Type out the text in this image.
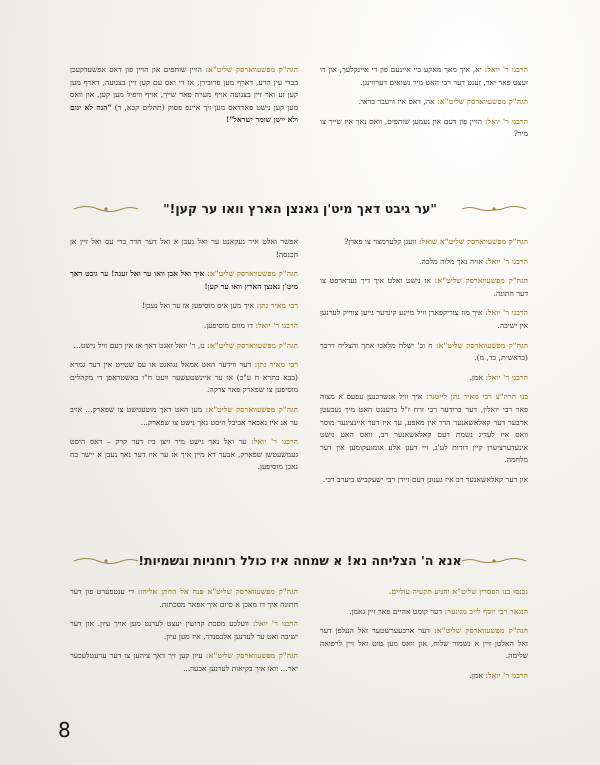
הרבנו ר' יואל: יא, איך מאך מאקע ביי איינעם פון די איינקלעך, און דו זעצט פאר יאר, זענט דער רבי האט מיר נשואים דערווינגן.

הגה"ק מפשעווארסק שליט"א: אה, דאס איז וויעבר בראי.

הרבנו ר' יואל: הויין פון דעם און נעמען שותפים, וואס נאך איז שייך צו מיר?

הגה"ק מפשעווארסק שליט"א: הויין שותפים און הויין פון דאס אפשעדקעכן בכדי עין הרע, דארף מען פרובירן, אז די ואס עם קען זיין בצנועה, דארף מען קען זע ואר זיין בצנועה אויף מערה פאר שייך, אויף וויפיל מען קען, און וואס מען קען נישט פארדאס מען זיך איינפ פסוק (תהלים קכא, ד) "הנה לא ינום ולא יישן שומר ישראל"!

"ער גיבט דאך מיט'ן גאנצן הארץ וואו ער קען!"

הגה"ק מפשעווארסק שליט"א שואל: וועגן קלערמצוי צו פארן?

הרבנו ר' יואל: אויה נאך מלוה מלכה.

הגה"ק מפשעווארסק שליט"א: אז נישט ואלט איך דיך געדארפט צו דער חתונה.

הרבנו ר' יואל: איך מוז צוריקפארן וויל מיינע קינדער גייען צוריק לערנען אין ישיבה.

הגה"ק מפשעווארסק שליט"א: ח וכ' ישלח מלאכו אתך והצליח דרכך (בראשית, כד, מ).

הרבנו ר' יואל: אמן.

בנו הרה"צ רבי מאיר נתן לייטנר: איך וויל אנשרכנען עפעס א מצוה פאר רבי יואלין, דער ברודער רבי זרח ז"ל ברענגט האט מיך נעבעטן ארבער דער קאלאשאנער הדר אין מאפע, ער איז דער איינציגער מוסר וואס איז לעדיג נשמת דעם קאלאשאנער רב, וואס האט נישט אינעדערציערן קיין דורות לע'ג, זיי דעגן אלע אומגעקומען אין דער מלחמה.

און דער קאלאשאנער רב איז גענוגן דעם זיידן רבי ישעקביש ביערב רבי.

אפשר ואלט איר געקאנט ער ואל נעבן א ואל דער חדר בדי עס ואל זיין אן הכנסה!

הגה"ק מפשעווארסק שליט"א: איך ואל אבן וואו ער ואל זענה! ער גיבט דאך מיט'ן גאנצן הארץ וואו ער קען!

רבי מאיר נתן: איך מען איס מוסיפען אז ער ואל נעבן!

הרבנו ר' יואל: דו מזום מוסיפען.

הגה"ק מפשעווארסק שליט"א: נו, ר' יואל זאגט דאך אז אין דעם וויל נישט...

רבי מאיר נתן: דער ווידער האט אמאל נגואגט או עס שטייט אין דער גמרא (בבא בתרא ח ע"ב) אז ער איינשטעשער וועט ח"ו באשטראפן די מקהלים מוסיפען צו שפארק פאר צדקה.

הגה"ק מפשעווארסק שליט"א: מען האט דאך מוטעגישט צו שפארק... אויב ער אנ איז נאכאר אביבל היסט נאך נישט צו שפארק...

הרבנו ר' יואל: ער ואל נאך נישט מיר זיצן ביז דער קרק – דאס היסט געמשעטשן שפארק, אבער דא מיין איך אז ער איז דער נאך נעבן א יישר כח נאכן מוסיפען.

אנא ה' הצליחה נא! א שמחה איז כולל רוחניות וגשמיות!

נכנסו בנו הפסרין שליט"א והניע תקעיה עוליים.

הנגאר רבי יוסף לייב מגינער: דער קומט אהיים פאר זיין גאמן.

הגה"ק מפשעווארסק שליט"א: דער ארבעערשטער זאל העלפן דער זאל האלטן זיין א נשמור שלוח, און וואס מען טוט זאל זיין לרפואה שלימה.

הרבנו ר' יואל: אמן.

הגה"ק מפשעווארסק שליט"א פנה אל החתן אליהו: די ענטפערט פון דער חתונה איך דו מאכן א סיום איך אפאר מסכתות.

הרבנו ר' יואל: וועלכע מסכת קדושין יעצט לערנט מען אויך עיון. און דער ישיבה ואט ער לערנען אלכסנדר, איז מען עיון.

הגה"ק מפשעווארסק שליט"א: עיון קען זיך דאך ציהען צו דער ערעטלעכער יאר... וואו איך בקיאות לערנען אכער...

8
